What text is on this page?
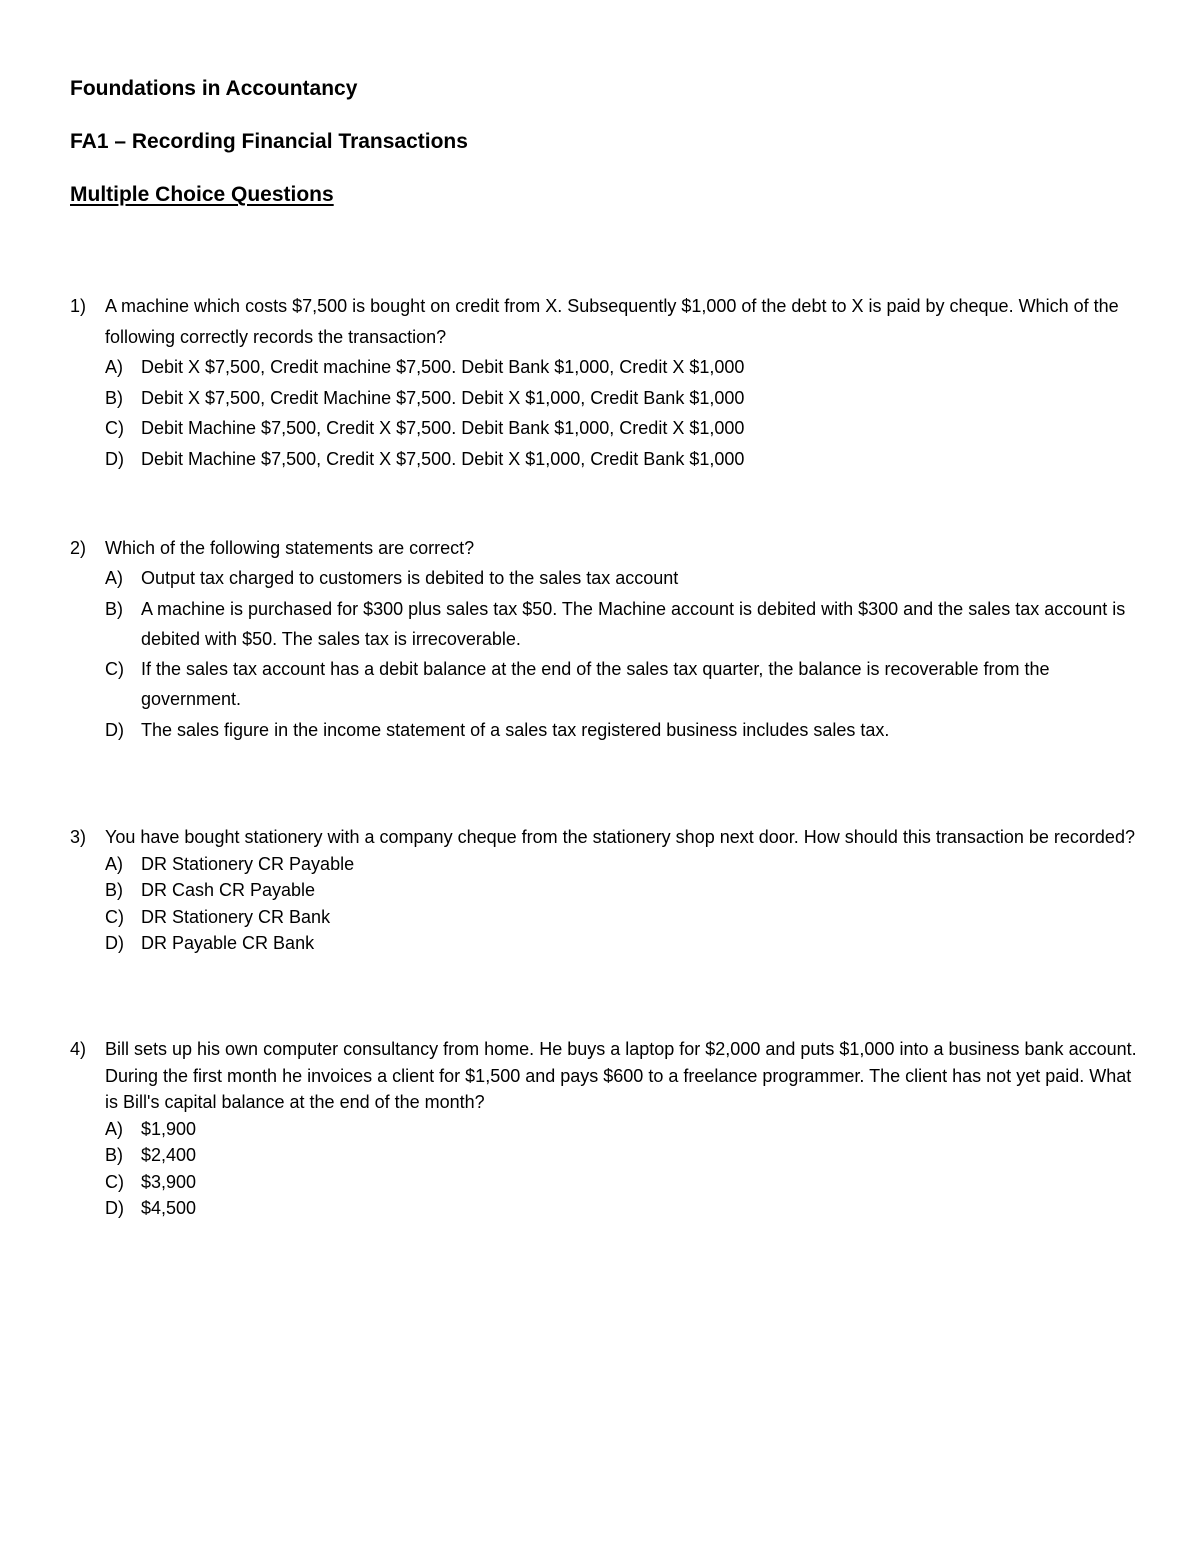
Foundations in Accountancy
FA1 – Recording Financial Transactions
Multiple Choice Questions
1)	A machine which costs $7,500 is bought on credit from X. Subsequently $1,000 of the debt to X is paid by cheque. Which of the following correctly records the transaction?

A) Debit X $7,500, Credit machine $7,500. Debit Bank $1,000, Credit X $1,000
B) Debit X $7,500, Credit Machine $7,500. Debit X $1,000, Credit Bank $1,000
C) Debit Machine $7,500, Credit X $7,500. Debit Bank $1,000, Credit X $1,000
D) Debit Machine $7,500, Credit X $7,500. Debit X $1,000, Credit Bank $1,000
2)	Which of the following statements are correct?

A) Output tax charged to customers is debited to the sales tax account
B) A machine is purchased for $300 plus sales tax $50. The Machine account is debited with $300 and the sales tax account is debited with $50. The sales tax is irrecoverable.
C) If the sales tax account has a debit balance at the end of the sales tax quarter, the balance is recoverable from the government.
D) The sales figure in the income statement of a sales tax registered business includes sales tax.
3)	You have bought stationery with a company cheque from the stationery shop next door. How should this transaction be recorded?

A) DR Stationery CR Payable
B) DR Cash CR Payable
C) DR Stationery CR Bank
D) DR Payable CR Bank
4)	Bill sets up his own computer consultancy from home. He buys a laptop for $2,000 and puts $1,000 into a business bank account. During the first month he invoices a client for $1,500 and pays $600 to a freelance programmer. The client has not yet paid. What is Bill's capital balance at the end of the month?

A) $1,900
B) $2,400
C) $3,900
D) $4,500
